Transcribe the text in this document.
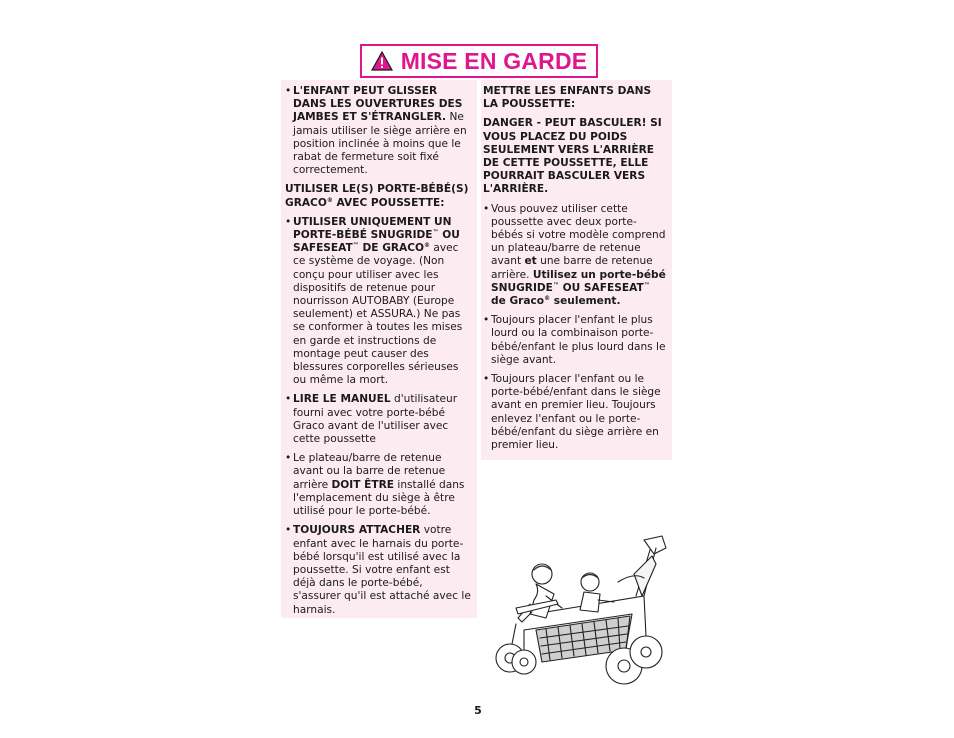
MISE EN GARDE

• L'ENFANT PEUT GLISSER DANS LES OUVERTURES DES JAMBES ET S'ÉTRANGLER. Ne jamais utiliser le siège arrière en position inclinée à moins que le rabat de fermeture soit fixé correctement.

UTILISER LE(S) PORTE-BÉBÉ(S) GRACO® AVEC POUSSETTE:

• UTILISER UNIQUEMENT UN PORTE-BÉBÉ SNUGRIDE™ OU SAFESEAT™ DE GRACO® avec ce système de voyage. (Non conçu pour utiliser avec les dispositifs de retenue pour nourrisson AUTOBABY (Europe seulement) et ASSURA.) Ne pas se conformer à toutes les mises en garde et instructions de montage peut causer des blessures corporelles sérieuses ou même la mort.

• LIRE LE MANUEL d'utilisateur fourni avec votre porte-bébé Graco avant de l'utiliser avec cette poussette

• Le plateau/barre de retenue avant ou la barre de retenue arrière DOIT ÊTRE installé dans l'emplacement du siège à être utilisé pour le porte-bébé.

• TOUJOURS ATTACHER votre enfant avec le harnais du porte-bébé lorsqu'il est utilisé avec la poussette. Si votre enfant est déjà dans le porte-bébé, s'assurer qu'il est attaché avec le harnais.

METTRE LES ENFANTS DANS LA POUSSETTE:

DANGER - PEUT BASCULER! SI VOUS PLACEZ DU POIDS SEULEMENT VERS L'ARRIÈRE DE CETTE POUSSETTE, ELLE POURRAIT BASCULER VERS L'ARRIÈRE.

• Vous pouvez utiliser cette poussette avec deux porte-bébés si votre modèle comprend un plateau/barre de retenue avant et une barre de retenue arrière. Utilisez un porte-bébé SNUGRIDE™ OU SAFESEAT™ de Graco® seulement.

• Toujours placer l'enfant le plus lourd ou la combinaison porte-bébé/enfant le plus lourd dans le siège avant.

• Toujours placer l'enfant ou le porte-bébé/enfant dans le siège avant en premier lieu. Toujours enlevez l'enfant ou le porte-bébé/enfant du siège arrière en premier lieu.

5
